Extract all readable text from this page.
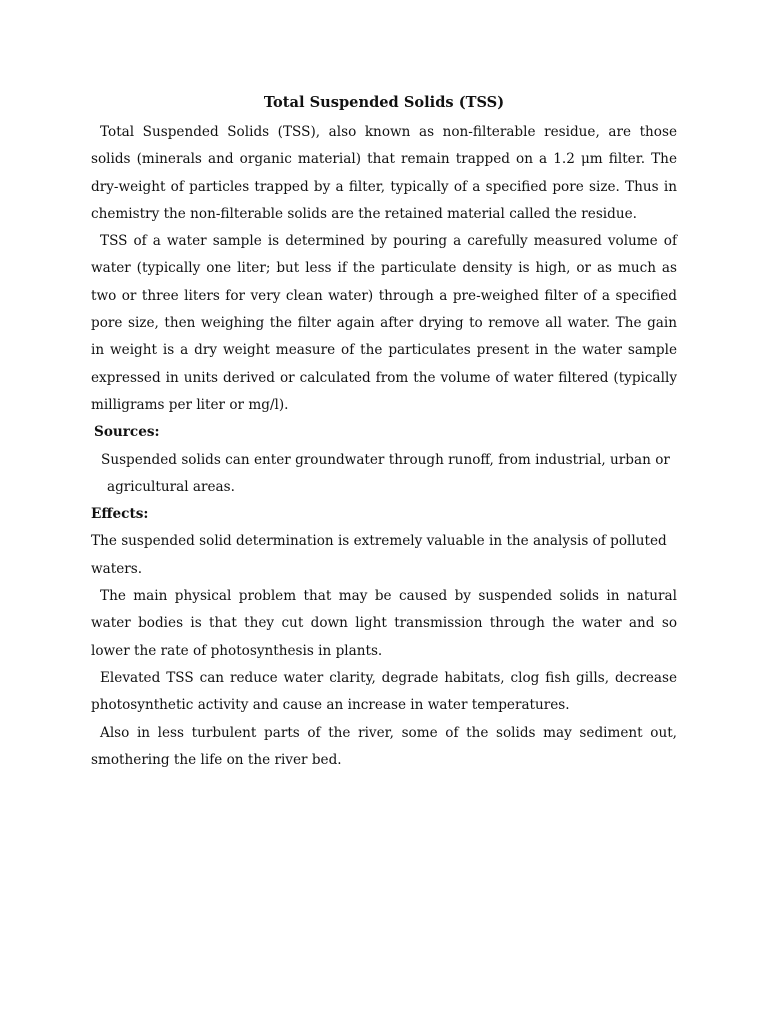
Total Suspended Solids (TSS)

Total Suspended Solids (TSS), also known as non-filterable residue, are those solids (minerals and organic material) that remain trapped on a 1.2 μm filter. The dry-weight of particles trapped by a filter, typically of a specified pore size. Thus in chemistry the non-filterable solids are the retained material called the residue.

TSS of a water sample is determined by pouring a carefully measured volume of water (typically one liter; but less if the particulate density is high, or as much as two or three liters for very clean water) through a pre-weighed filter of a specified pore size, then weighing the filter again after drying to remove all water. The gain in weight is a dry weight measure of the particulates present in the water sample expressed in units derived or calculated from the volume of water filtered (typically milligrams per liter or mg/l).

Sources:

Suspended solids can enter groundwater through runoff, from industrial, urban or agricultural areas.

Effects:

The suspended solid determination is extremely valuable in the analysis of polluted waters.

The main physical problem that may be caused by suspended solids in natural water bodies is that they cut down light transmission through the water and so lower the rate of photosynthesis in plants.

Elevated TSS can reduce water clarity, degrade habitats, clog fish gills, decrease photosynthetic activity and cause an increase in water temperatures.

Also in less turbulent parts of the river, some of the solids may sediment out, smothering the life on the river bed.
